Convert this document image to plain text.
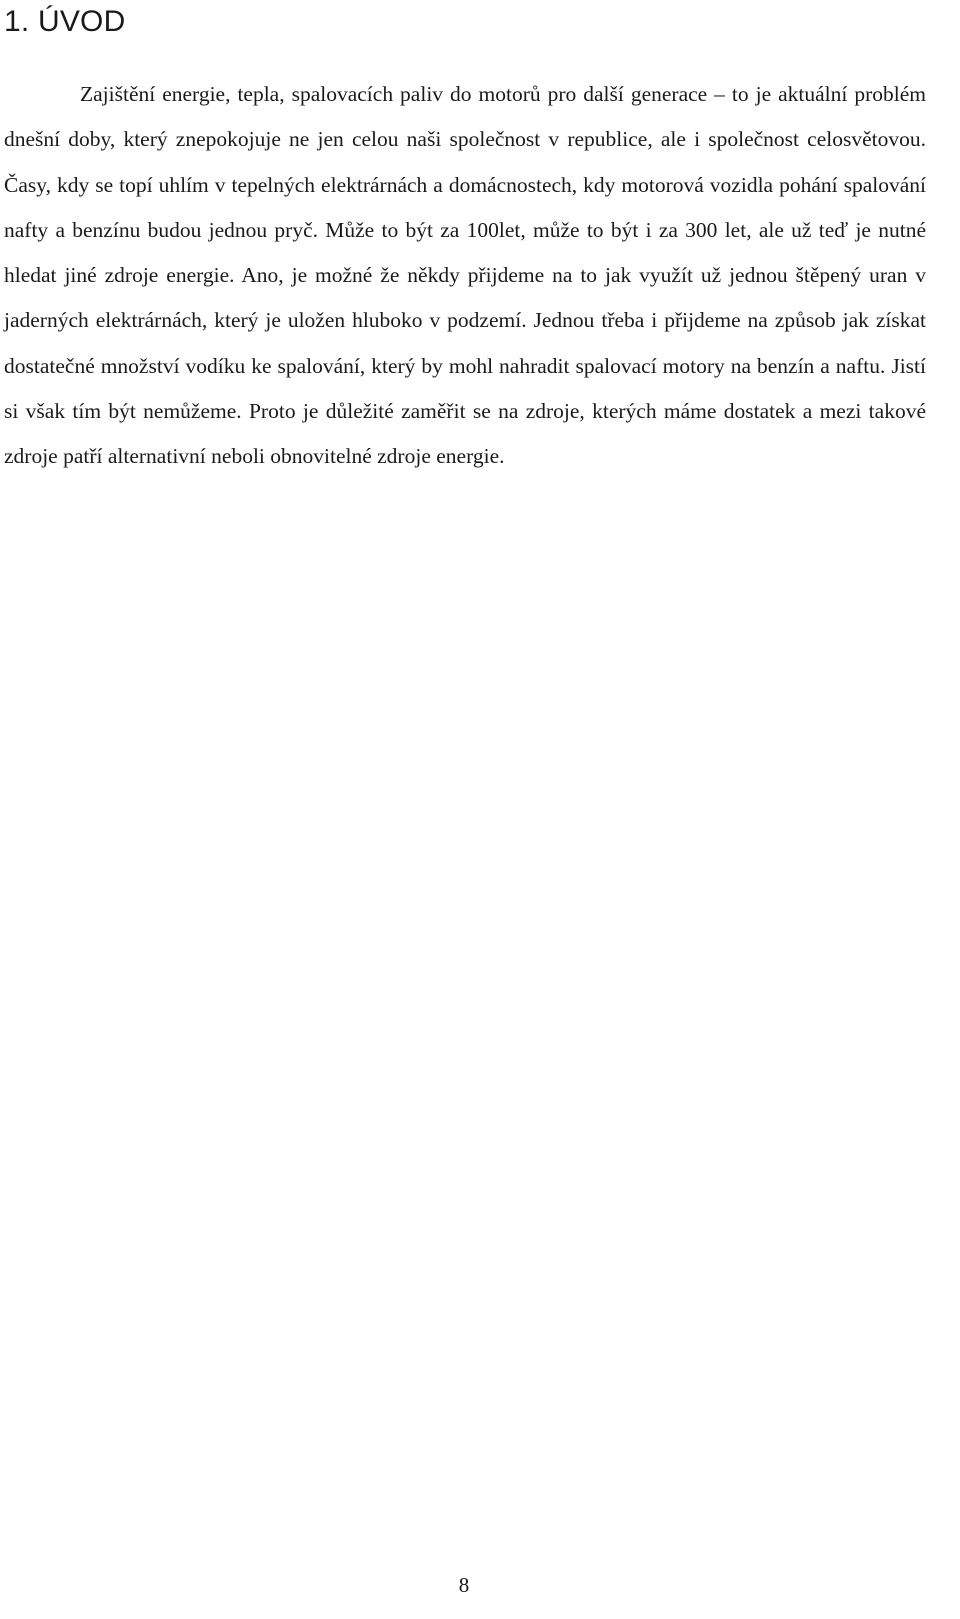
1. ÚVOD

Zajištění energie, tepla, spalovacích paliv do motorů pro další generace – to je aktuální problém dnešní doby, který znepokojuje ne jen celou naši společnost v republice, ale i společnost celosvětovou. Časy, kdy se topí uhlím v tepelných elektrárnách a domácnostech, kdy motorová vozidla pohání spalování nafty a benzínu budou jednou pryč. Může to být za 100let, může to být i za 300 let, ale už teď je nutné hledat jiné zdroje energie. Ano, je možné že někdy přijdeme na to jak využít už jednou štěpený uran v jaderných elektrárnách, který je uložen hluboko v podzemí. Jednou třeba i přijdeme na způsob jak získat dostatečné množství vodíku ke spalování, který by mohl nahradit spalovací motory na benzín a naftu. Jistí si však tím být nemůžeme. Proto je důležité zaměřit se na zdroje, kterých máme dostatek a mezi takové zdroje patří alternativní neboli obnovitelné zdroje energie.

8
